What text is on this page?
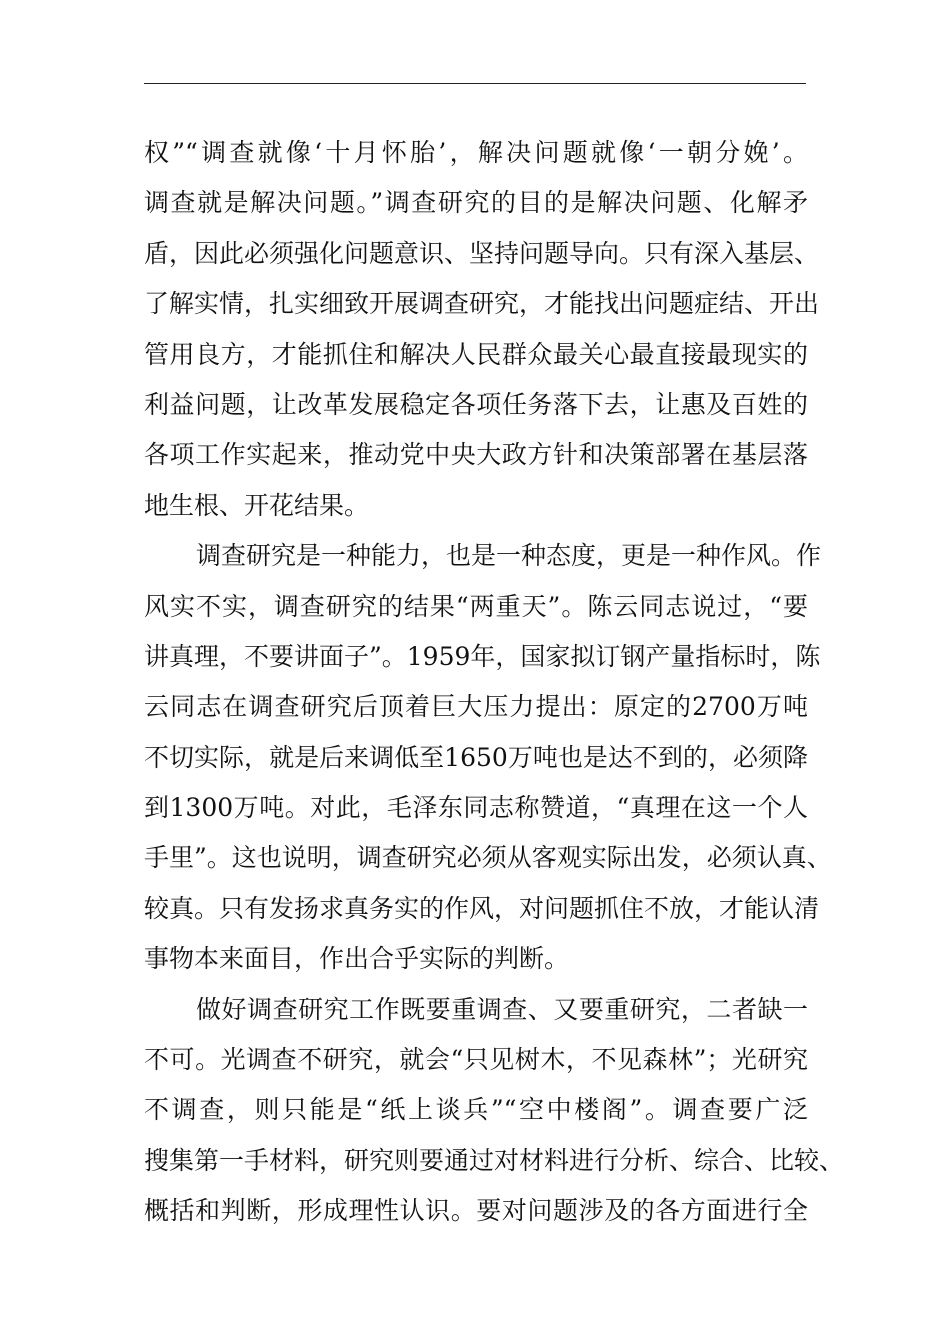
权”“调查就像‘十月怀胎’，解决问题就像‘一朝分娩’。
调查就是解决问题。”调查研究的目的是解决问题、化解矛
盾，因此必须强化问题意识、坚持问题导向。只有深入基层、
了解实情，扎实细致开展调查研究，才能找出问题症结、开出
管用良方，才能抓住和解决人民群众最关心最直接最现实的
利益问题，让改革发展稳定各项任务落下去，让惠及百姓的
各项工作实起来，推动党中央大政方针和决策部署在基层落
地生根、开花结果。
调查研究是一种能力，也是一种态度，更是一种作风。作
风实不实，调查研究的结果“两重天”。陈云同志说过，“要
讲真理，不要讲面子”。1959年，国家拟订钢产量指标时，陈
云同志在调查研究后顶着巨大压力提出：原定的2700万吨
不切实际，就是后来调低至1650万吨也是达不到的，必须降
到1300万吨。对此，毛泽东同志称赞道，“真理在这一个人
手里”。这也说明，调查研究必须从客观实际出发，必须认真、
较真。只有发扬求真务实的作风，对问题抓住不放，才能认清
事物本来面目，作出合乎实际的判断。
做好调查研究工作既要重调查、又要重研究，二者缺一
不可。光调查不研究，就会“只见树木，不见森林”；光研究
不调查，则只能是“纸上谈兵”“空中楼阁”。调查要广泛
搜集第一手材料，研究则要通过对材料进行分析、综合、比较、
概括和判断，形成理性认识。要对问题涉及的各方面进行全
